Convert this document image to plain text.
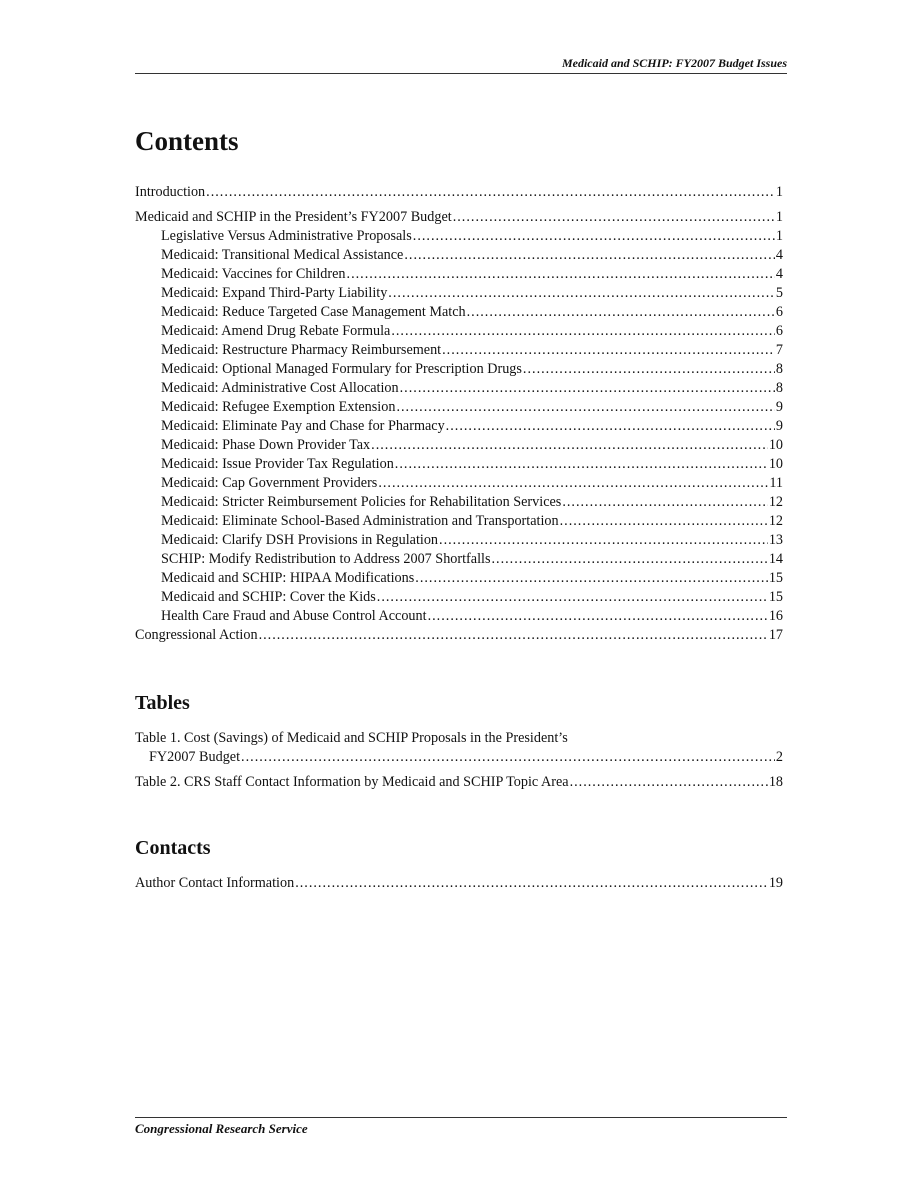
Medicaid and SCHIP: FY2007 Budget Issues
Contents
Introduction .....	1
Medicaid and SCHIP in the President’s FY2007 Budget .....	1
Legislative Versus Administrative Proposals .....	1
Medicaid: Transitional Medical Assistance .....	4
Medicaid: Vaccines for Children .....	4
Medicaid: Expand Third-Party Liability .....	5
Medicaid: Reduce Targeted Case Management Match .....	6
Medicaid: Amend Drug Rebate Formula .....	6
Medicaid: Restructure Pharmacy Reimbursement .....	7
Medicaid: Optional Managed Formulary for Prescription Drugs .....	8
Medicaid: Administrative Cost Allocation .....	8
Medicaid: Refugee Exemption Extension .....	9
Medicaid: Eliminate Pay and Chase for Pharmacy .....	9
Medicaid: Phase Down Provider Tax .....	10
Medicaid: Issue Provider Tax Regulation .....	10
Medicaid: Cap Government Providers .....	11
Medicaid: Stricter Reimbursement Policies for Rehabilitation Services .....	12
Medicaid: Eliminate School-Based Administration and Transportation .....	12
Medicaid: Clarify DSH Provisions in Regulation .....	13
SCHIP: Modify Redistribution to Address 2007 Shortfalls .....	14
Medicaid and SCHIP: HIPAA Modifications .....	15
Medicaid and SCHIP: Cover the Kids .....	15
Health Care Fraud and Abuse Control Account .....	16
Congressional Action .....	17
Tables
Table 1. Cost (Savings) of Medicaid and SCHIP Proposals in the President’s
FY2007 Budget .....	2
Table 2. CRS Staff Contact Information by Medicaid and SCHIP Topic Area .....	18
Contacts
Author Contact Information .....	19
Congressional Research Service
